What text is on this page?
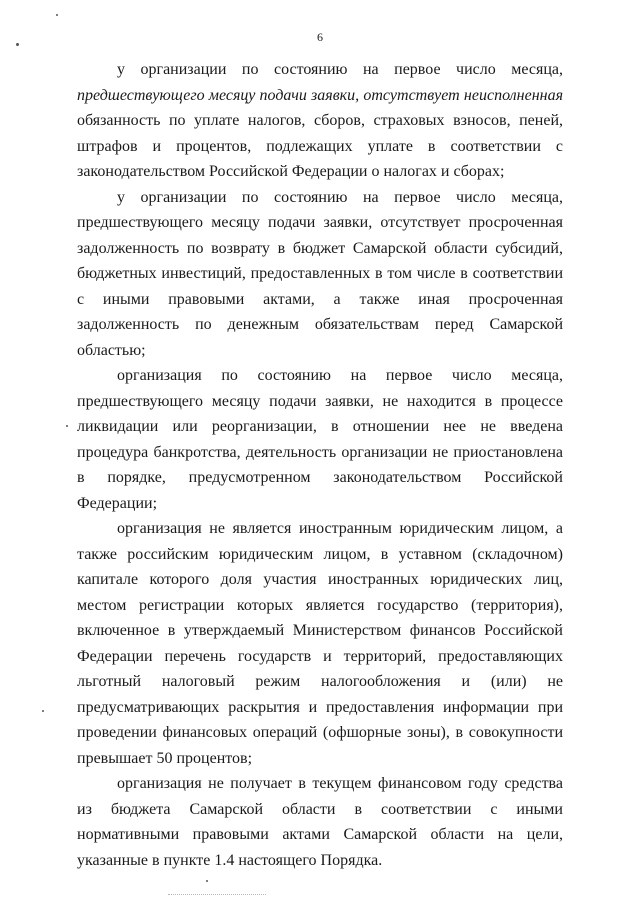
6

у организации по состоянию на первое число месяца, предшествующего месяцу подачи заявки, отсутствует неисполненная обязанность по уплате налогов, сборов, страховых взносов, пеней, штрафов и процентов, подлежащих уплате в соответствии с законодательством Российской Федерации о налогах и сборах;

у организации по состоянию на первое число месяца, предшествующего месяцу подачи заявки, отсутствует просроченная задолженность по возврату в бюджет Самарской области субсидий, бюджетных инвестиций, предоставленных в том числе в соответствии с иными правовыми актами, а также иная просроченная задолженность по денежным обязательствам перед Самарской областью;

организация по состоянию на первое число месяца, предшествующего месяцу подачи заявки, не находится в процессе ликвидации или реорганизации, в отношении нее не введена процедура банкротства, деятельность организации не приостановлена в порядке, предусмотренном законодательством Российской Федерации;

организация не является иностранным юридическим лицом, а также российским юридическим лицом, в уставном (складочном) капитале которого доля участия иностранных юридических лиц, местом регистрации которых является государство (территория), включенное в утверждаемый Министерством финансов Российской Федерации перечень государств и территорий, предоставляющих льготный налоговый режим налогообложения и (или) не предусматривающих раскрытия и предоставления информации при проведении финансовых операций (офшорные зоны), в совокупности превышает 50 процентов;

организация не получает в текущем финансовом году средства из бюджета Самарской области в соответствии с иными нормативными правовыми актами Самарской области на цели, указанные в пункте 1.4 настоящего Порядка.
